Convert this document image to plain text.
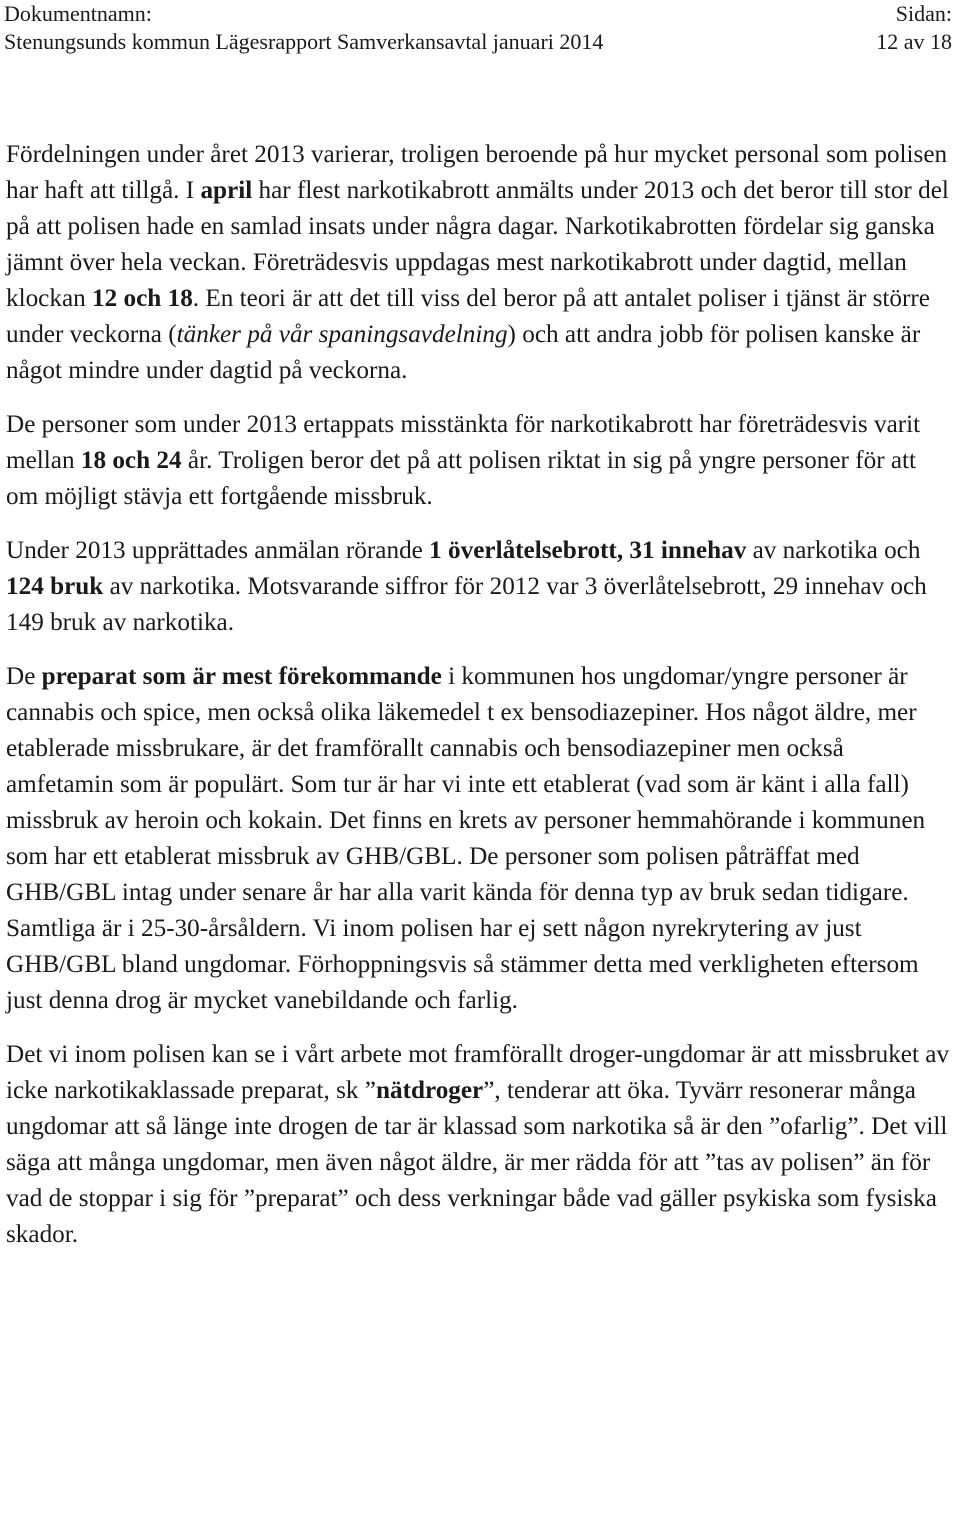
Dokumentnamn:
Stenungsunds kommun Lägesrapport Samverkansavtal januari 2014
Sidan:
12 av 18

Fördelningen under året 2013 varierar, troligen beroende på hur mycket personal som polisen har haft att tillgå. I april har flest narkotikabrott anmälts under 2013 och det beror till stor del på att polisen hade en samlad insats under några dagar. Narkotikabrotten fördelar sig ganska jämnt över hela veckan. Företrädesvis uppdagas mest narkotikabrott under dagtid, mellan klockan 12 och 18. En teori är att det till viss del beror på att antalet poliser i tjänst är större under veckorna (tänker på vår spaningsavdelning) och att andra jobb för polisen kanske är något mindre under dagtid på veckorna.

De personer som under 2013 ertappats misstänkta för narkotikabrott har företrädesvis varit mellan 18 och 24 år. Troligen beror det på att polisen riktat in sig på yngre personer för att om möjligt stävja ett fortgående missbruk.

Under 2013 upprättades anmälan rörande 1 överlåtelsebrott, 31 innehav av narkotika och 124 bruk av narkotika. Motsvarande siffror för 2012 var 3 överlåtelsebrott, 29 innehav och 149 bruk av narkotika.

De preparat som är mest förekommande i kommunen hos ungdomar/yngre personer är cannabis och spice, men också olika läkemedel t ex bensodiazepiner. Hos något äldre, mer etablerade missbrukare, är det framförallt cannabis och bensodiazepiner men också amfetamin som är populärt. Som tur är har vi inte ett etablerat (vad som är känt i alla fall) missbruk av heroin och kokain. Det finns en krets av personer hemmahörande i kommunen som har ett etablerat missbruk av GHB/GBL. De personer som polisen påträffat med GHB/GBL intag under senare år har alla varit kända för denna typ av bruk sedan tidigare. Samtliga är i 25-30-årsåldern. Vi inom polisen har ej sett någon nyrekrytering av just GHB/GBL bland ungdomar. Förhoppningsvis så stämmer detta med verkligheten eftersom just denna drog är mycket vanebildande och farlig.

Det vi inom polisen kan se i vårt arbete mot framförallt droger-ungdomar är att missbruket av icke narkotikaklassade preparat, sk ”nätdroger”, tenderar att öka. Tyvärr resonerar många ungdomar att så länge inte drogen de tar är klassad som narkotika så är den ”ofarlig”. Det vill säga att många ungdomar, men även något äldre, är mer rädda för att ”tas av polisen” än för vad de stoppar i sig för ”preparat” och dess verkningar både vad gäller psykiska som fysiska skador.
